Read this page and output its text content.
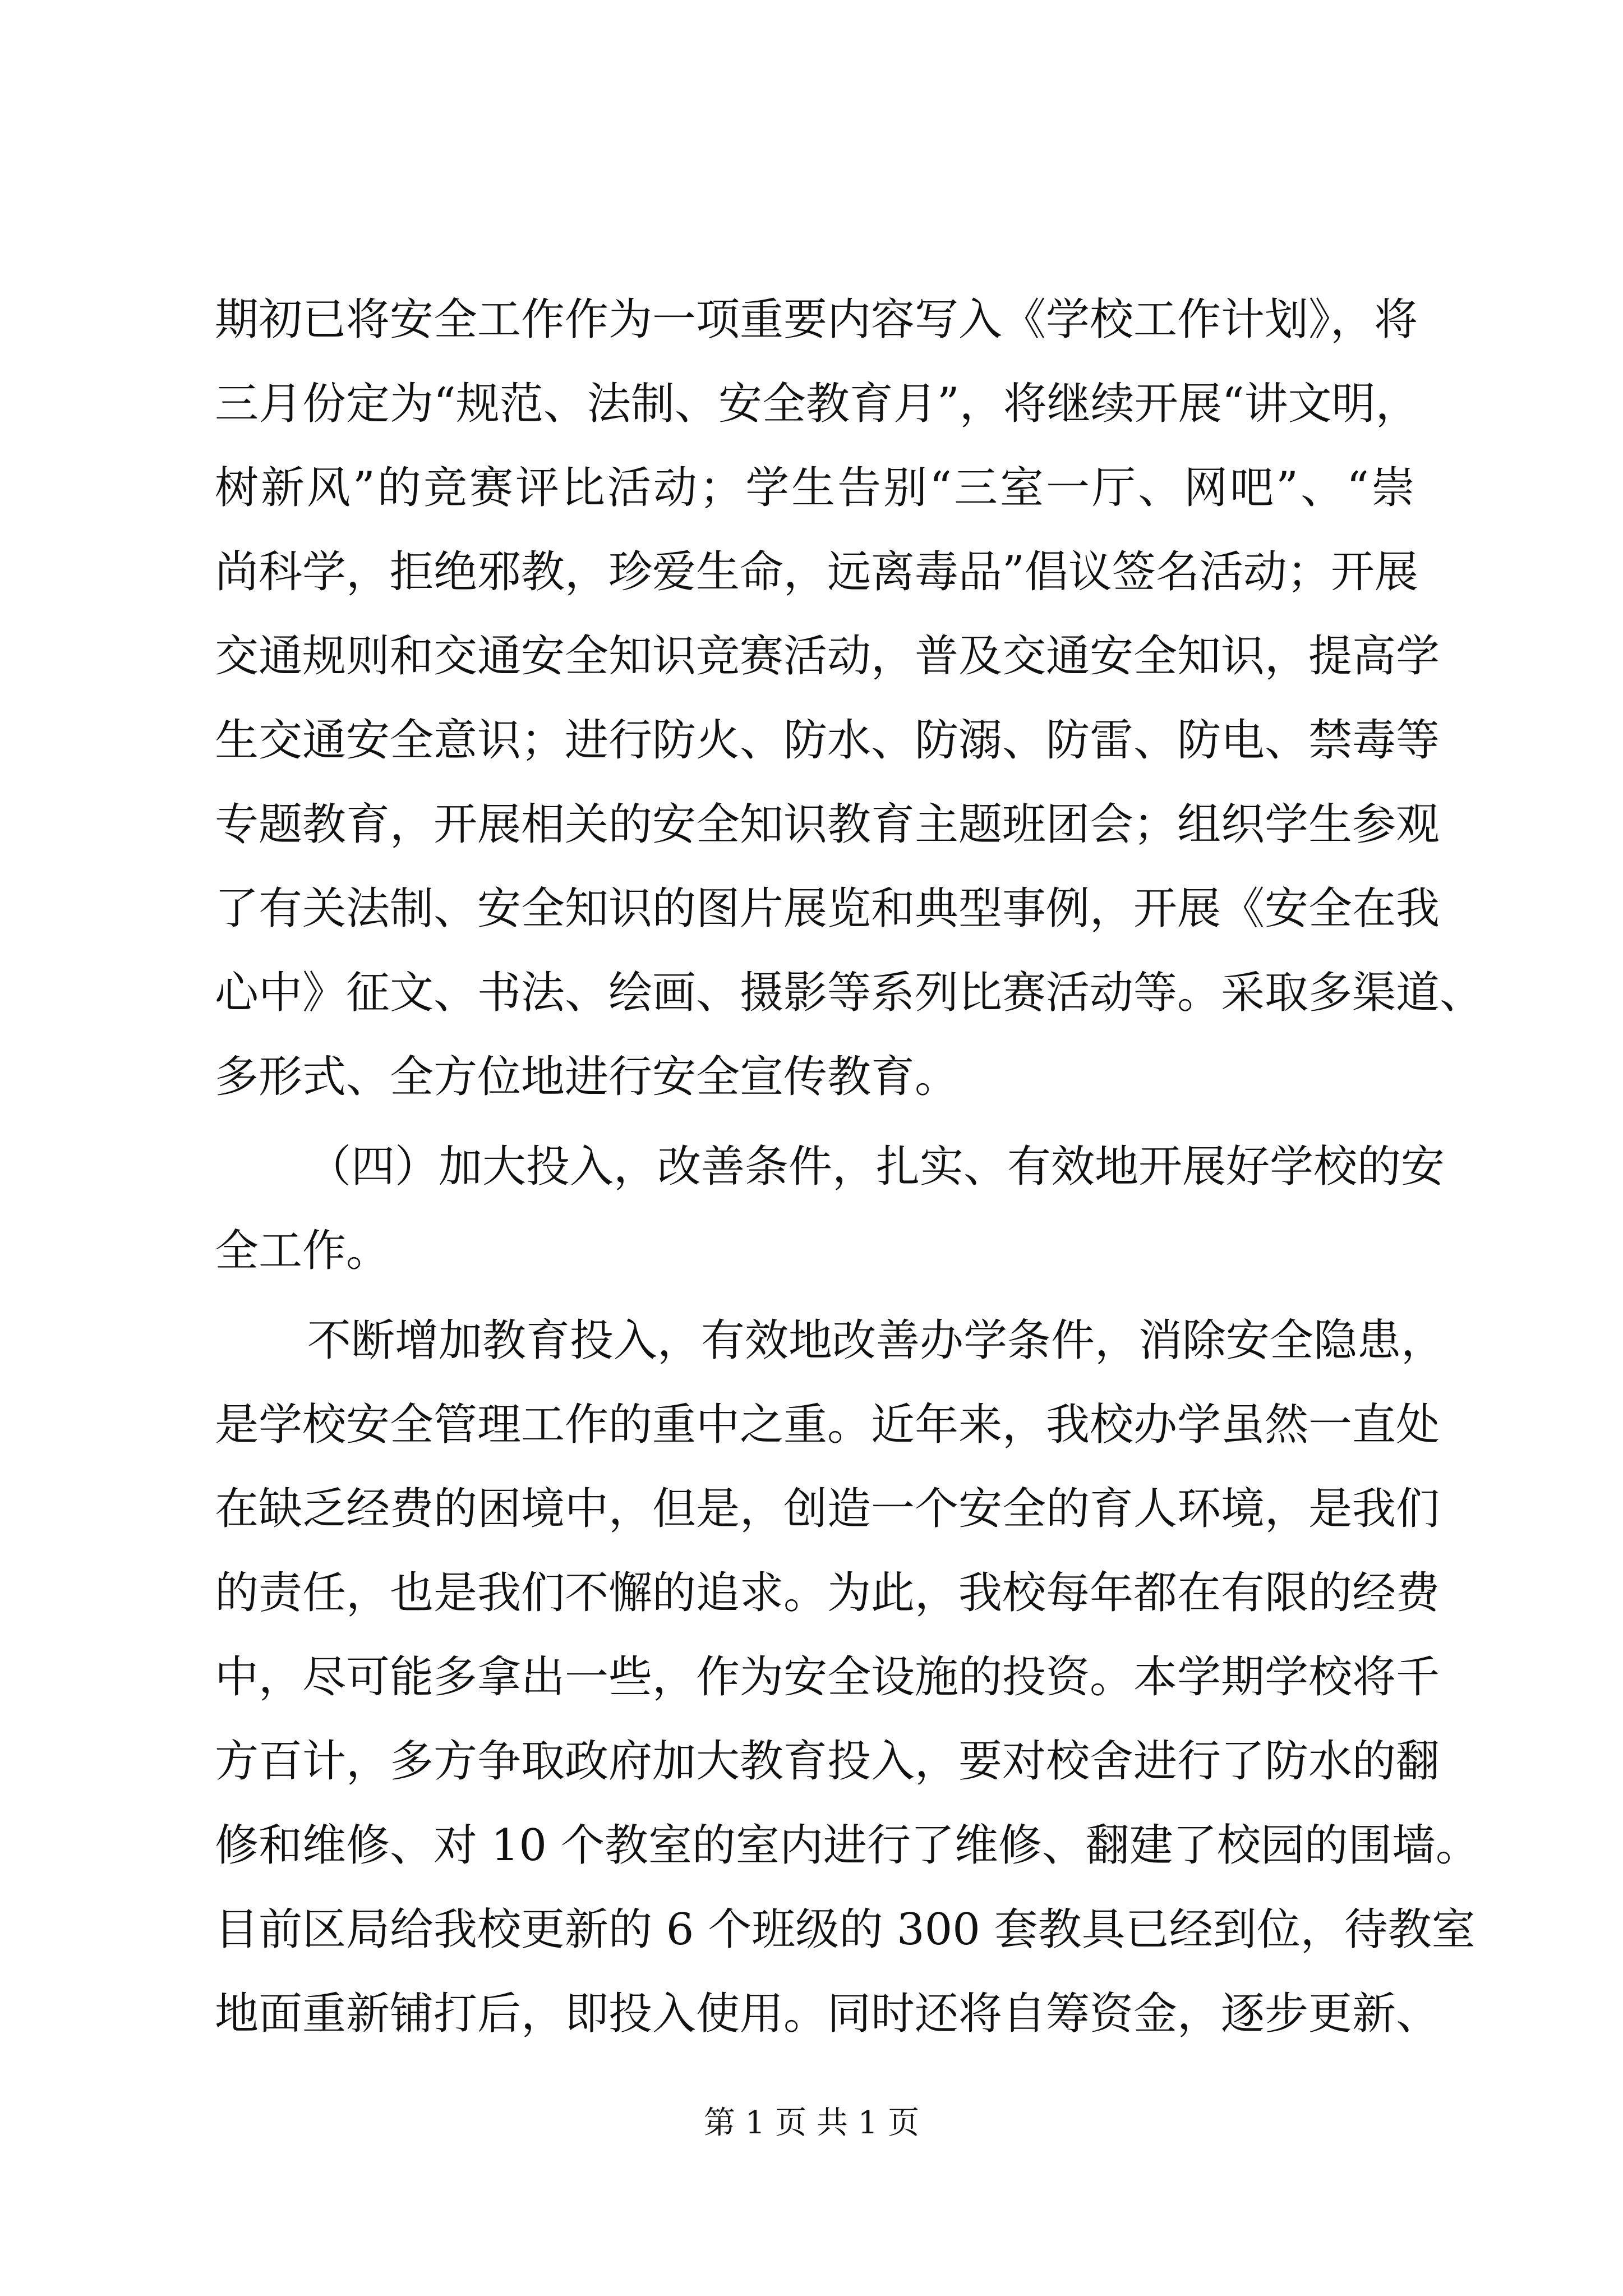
期初已将安全工作作为一项重要内容写入《学校工作计划》，将
三月份定为“规范、法制、安全教育月”，将继续开展“讲文明，
树新风”的竞赛评比活动；学生告别“三室一厅、网吧”、“崇
尚科学，拒绝邪教，珍爱生命，远离毒品”倡议签名活动；开展
交通规则和交通安全知识竞赛活动，普及交通安全知识，提高学
生交通安全意识；进行防火、防水、防溺、防雷、防电、禁毒等
专题教育，开展相关的安全知识教育主题班团会；组织学生参观
了有关法制、安全知识的图片展览和典型事例，开展《安全在我
心中》征文、书法、绘画、摄影等系列比赛活动等。采取多渠道、
多形式、全方位地进行安全宣传教育。
（四）加大投入，改善条件，扎实、有效地开展好学校的安
全工作。
不断增加教育投入，有效地改善办学条件，消除安全隐患，
是学校安全管理工作的重中之重。近年来，我校办学虽然一直处
在缺乏经费的困境中，但是，创造一个安全的育人环境，是我们
的责任，也是我们不懈的追求。为此，我校每年都在有限的经费
中，尽可能多拿出一些，作为安全设施的投资。本学期学校将千
方百计，多方争取政府加大教育投入，要对校舍进行了防水的翻
修和维修、对 10 个教室的室内进行了维修、翻建了校园的围墙。
目前区局给我校更新的 6 个班级的 300 套教具已经到位，待教室
地面重新铺打后，即投入使用。同时还将自筹资金，逐步更新、
第 1 页 共 1 页
